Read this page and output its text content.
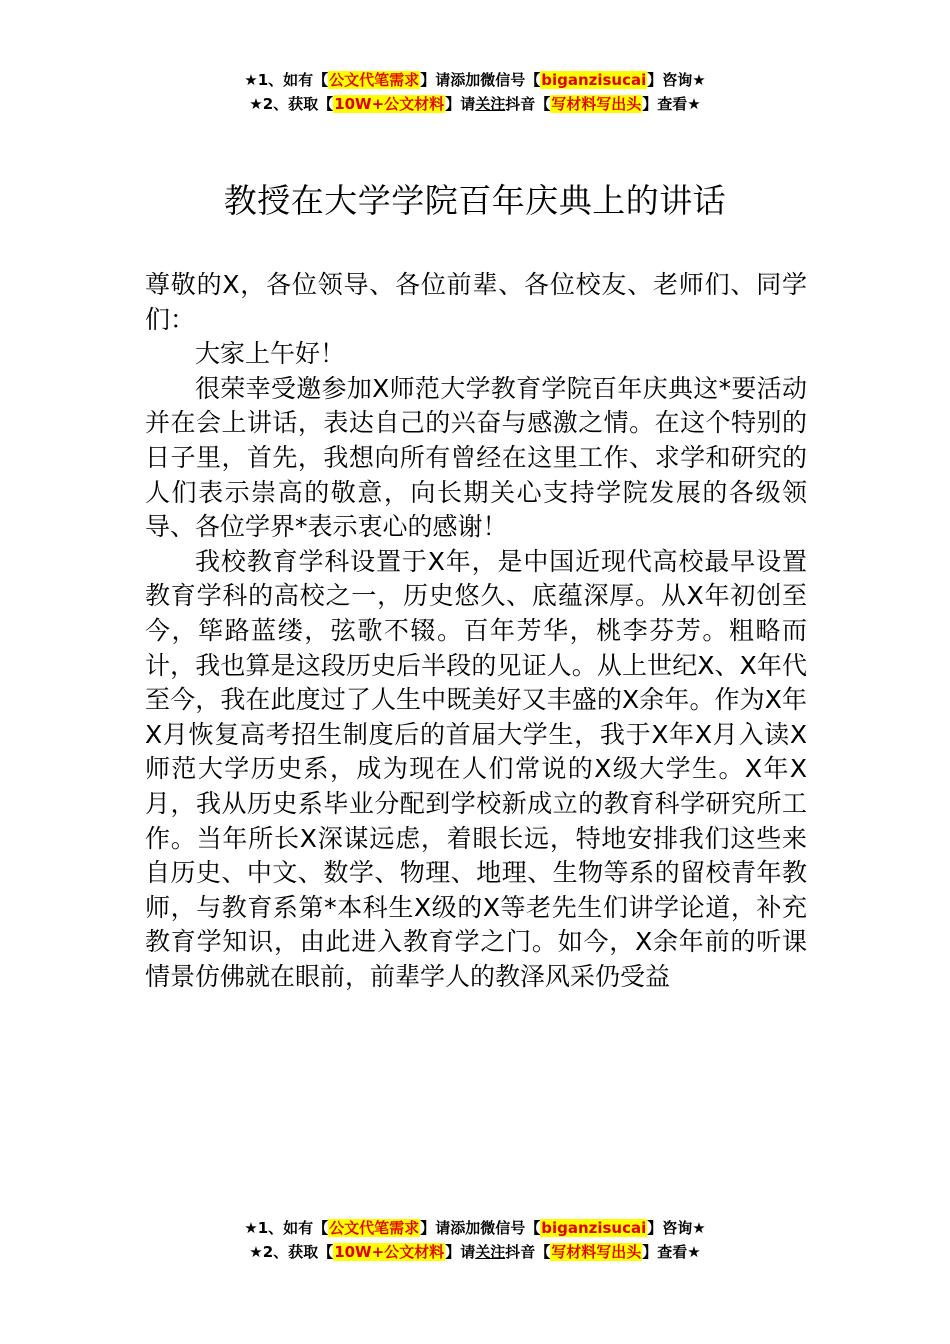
★1、如有【公文代笔需求】请添加微信号【biganzisucai】咨询★
★2、获取【10W+公文材料】请关注抖音【写材料写出头】查看★
教授在大学学院百年庆典上的讲话

尊敬的X，各位领导、各位前辈、各位校友、老师们、同学们：

大家上午好！

很荣幸受邀参加X师范大学教育学院百年庆典这*要活动并在会上讲话，表达自己的兴奋与感激之情。在这个特别的日子里，首先，我想向所有曾经在这里工作、求学和研究的人们表示崇高的敬意，向长期关心支持学院发展的各级领导、各位学界*表示衷心的感谢！

我校教育学科设置于X年，是中国近现代高校最早设置教育学科的高校之一，历史悠久、底蕴深厚。从X年初创至今，筚路蓝缕，弦歌不辍。百年芳华，桃李芬芳。粗略而计，我也算是这段历史后半段的见证人。从上世纪X、X年代至今，我在此度过了人生中既美好又丰盛的X余年。作为X年X月恢复高考招生制度后的首届大学生，我于X年X月入读X师范大学历史系，成为现在人们常说的X级大学生。X年X月，我从历史系毕业分配到学校新成立的教育科学研究所工作。当年所长X深谋远虑，着眼长远，特地安排我们这些来自历史、中文、数学、物理、地理、生物等系的留校青年教师，与教育系第*本科生X级的X等老先生们讲学论道，补充教育学知识，由此进入教育学之门。如今，X余年前的听课情景仿佛就在眼前，前辈学人的教泽风采仍受益

★1、如有【公文代笔需求】请添加微信号【biganzisucai】咨询★
★2、获取【10W+公文材料】请关注抖音【写材料写出头】查看★
